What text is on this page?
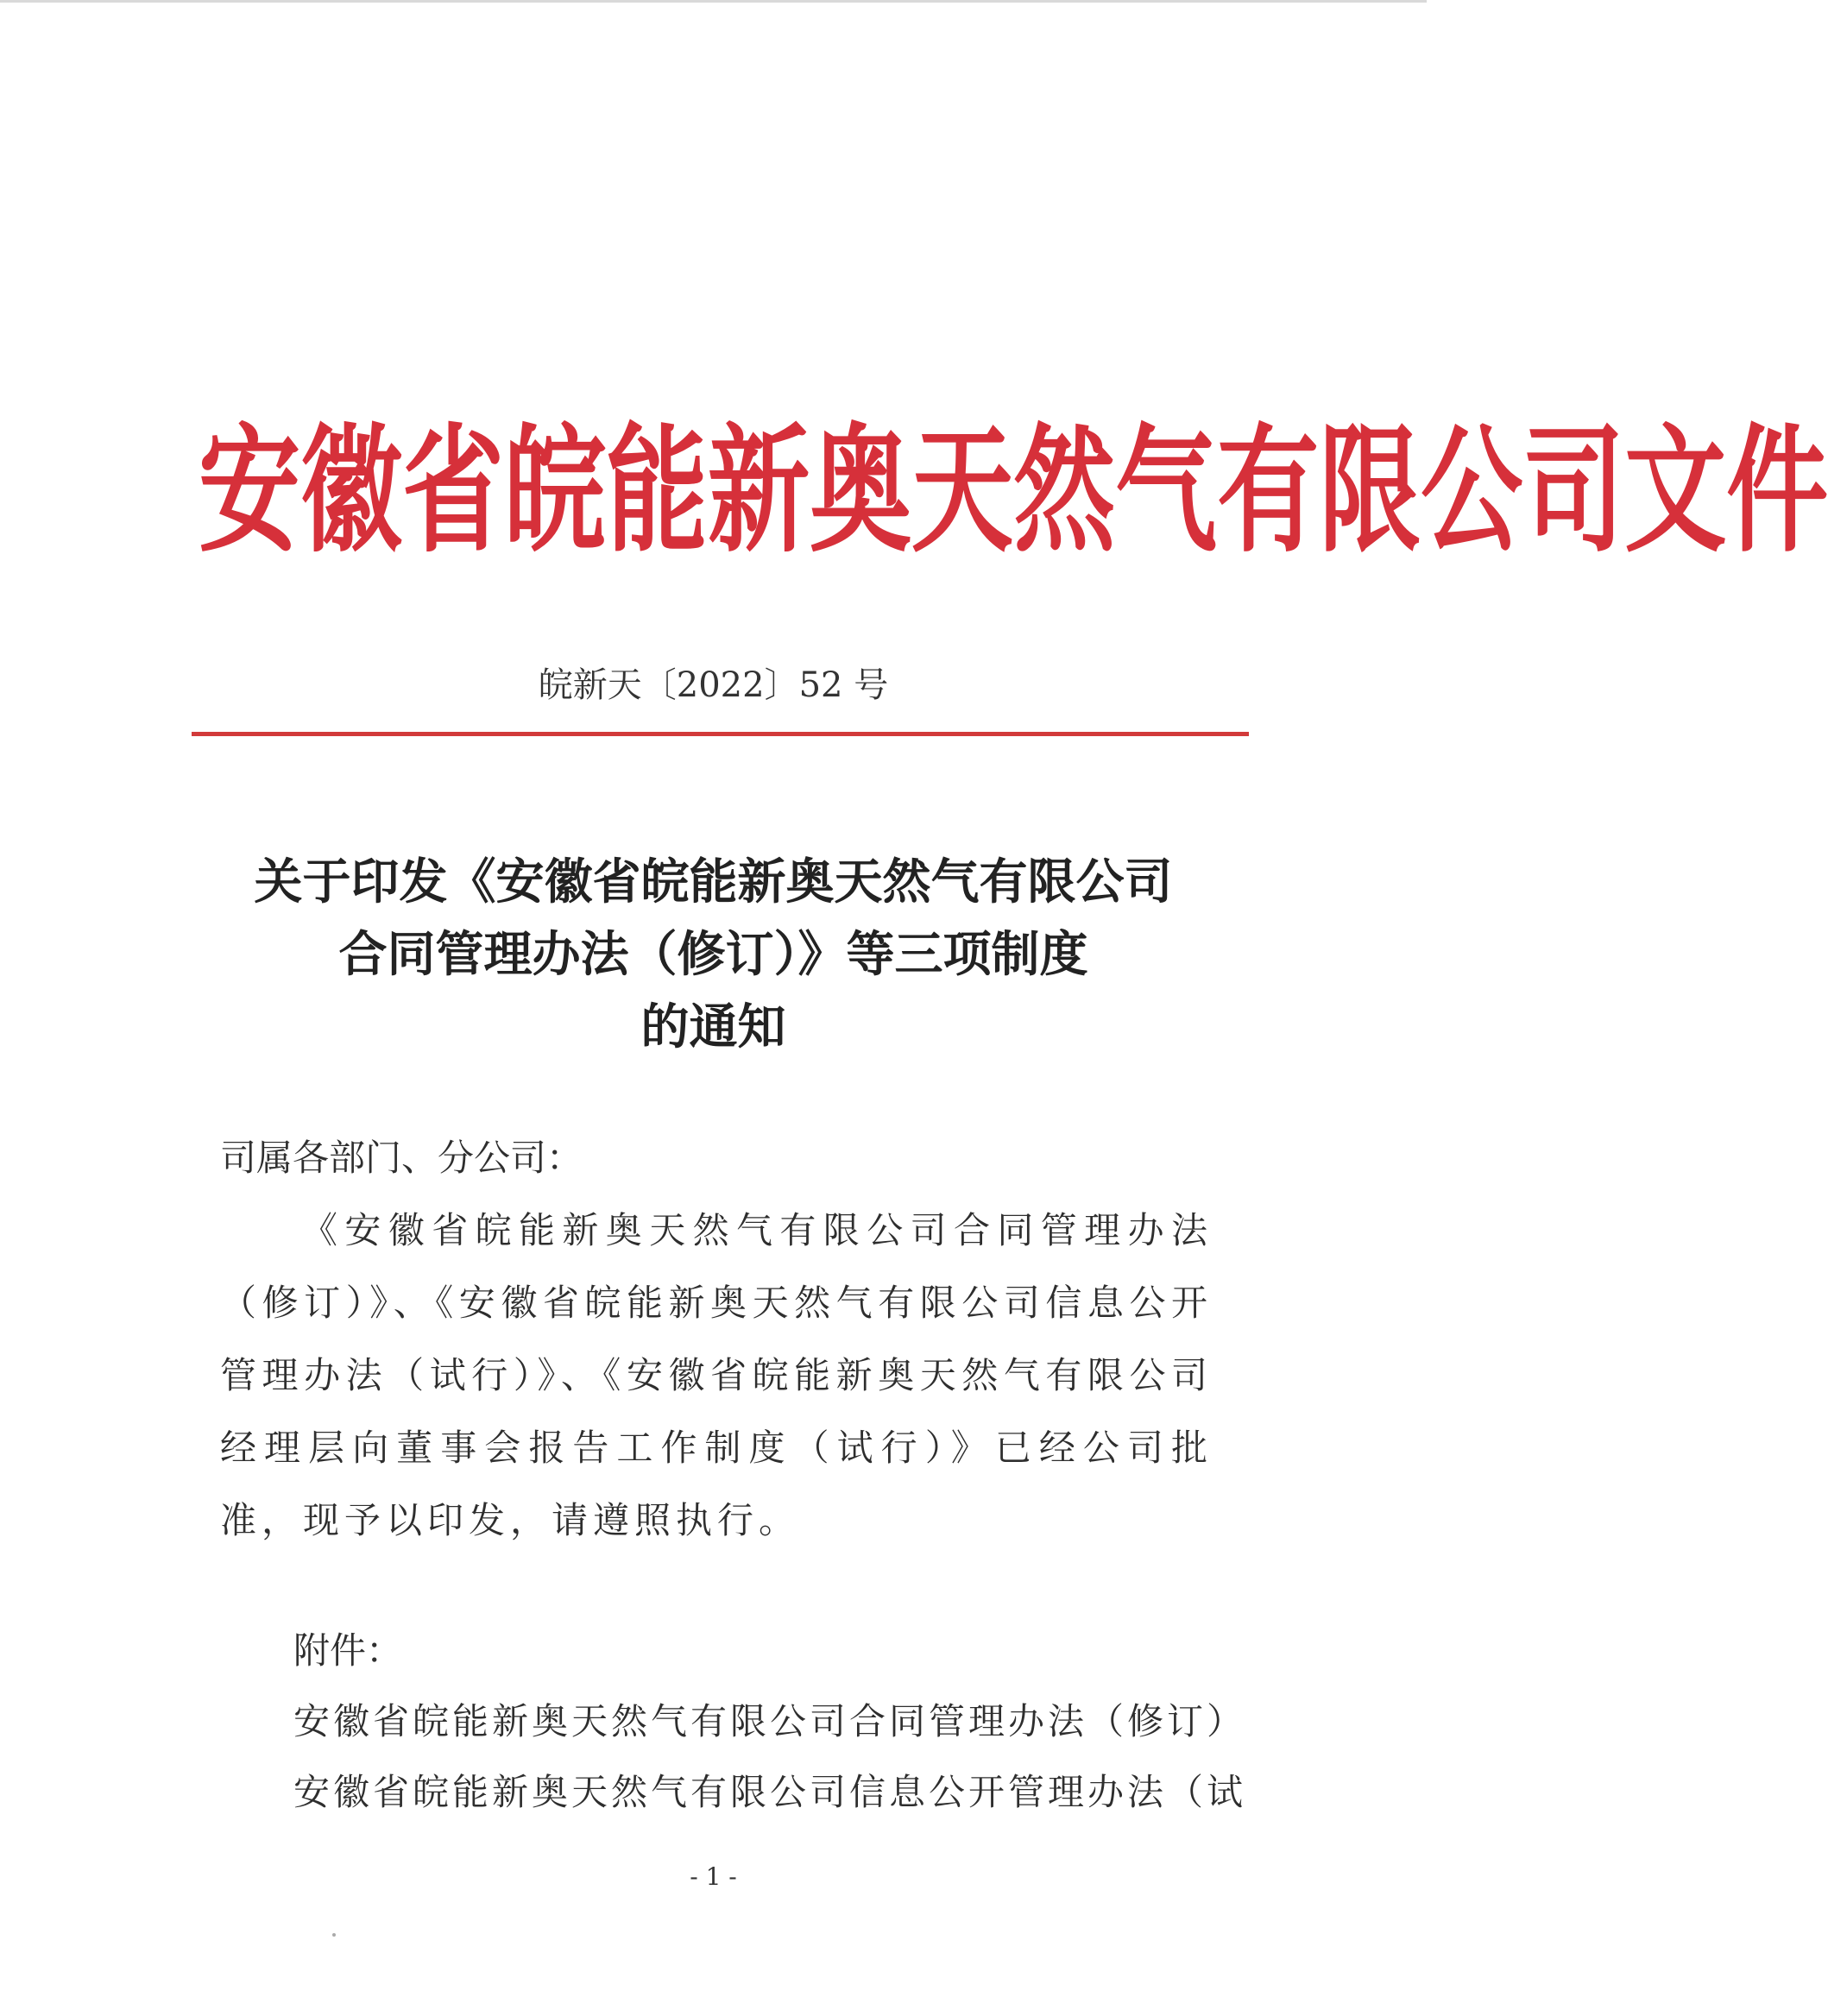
安 徽 省 皖 能 新 奥 天 然 气 有 限 公 司 文 件
皖新天〔2022〕52 号
关于印发《安徽省皖能新奥天然气有限公司
合同管理办法（修订）》等三项制度
的通知

司属各部门、分公司：

《安徽省皖能新奥天然气有限公司合同管理办法（修订）》、《安徽省皖能新奥天然气有限公司信息公开管理办法（试行）》、《安徽省皖能新奥天然气有限公司经理层向董事会报告工作制度（试行）》已经公司批准，现予以印发，请遵照执行。

附件：
安徽省皖能新奥天然气有限公司合同管理办法（修订）
安徽省皖能新奥天然气有限公司信息公开管理办法（试
- 1 -
